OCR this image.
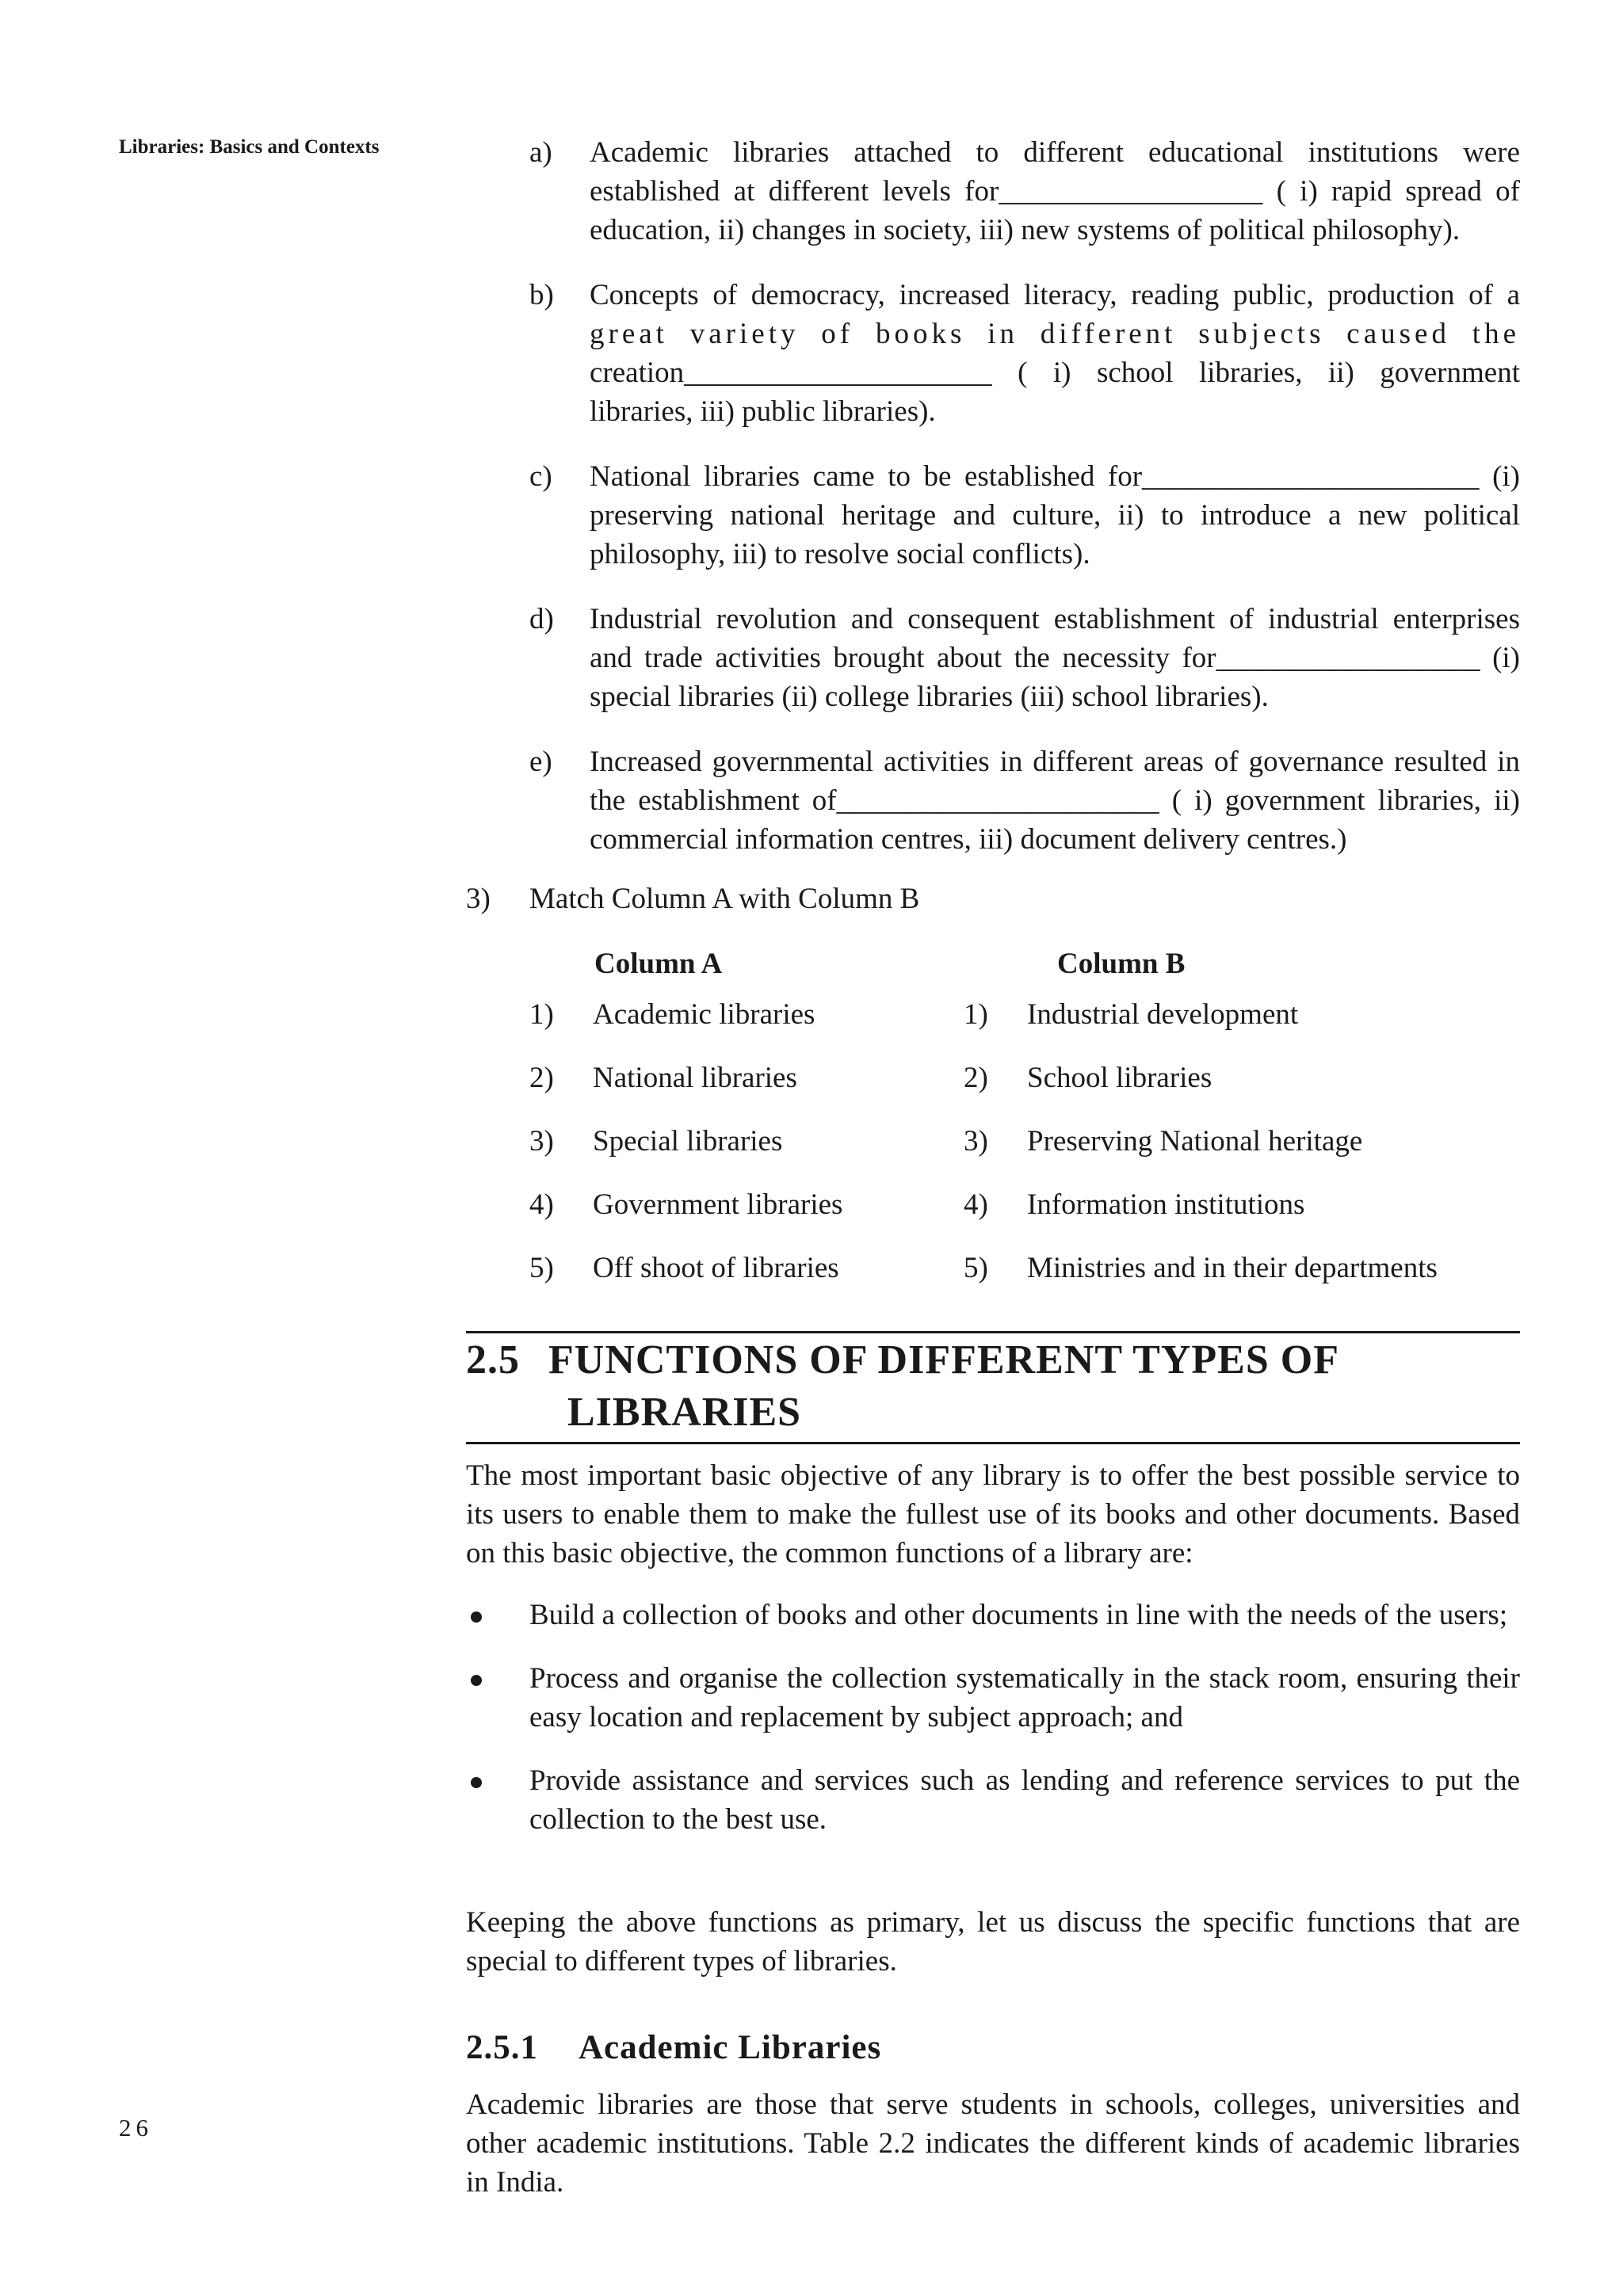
Libraries: Basics and Contexts	a) Academic libraries attached to different educational institutions were established at different levels for__________________ ( i) rapid spread of education, ii) changes in society, iii) new systems of political philosophy).
b) Concepts of democracy, increased literacy, reading public, production of a great variety of books in different subjects caused the creation_____________________ ( i) school libraries, ii) government libraries, iii) public libraries).
c) National libraries came to be established for_______________________ (i) preserving national heritage and culture, ii) to introduce a new political philosophy, iii) to resolve social conflicts).
d) Industrial revolution and consequent establishment of industrial enterprises and trade activities brought about the necessity for__________________ (i) special libraries (ii) college libraries (iii) school libraries).
e) Increased governmental activities in different areas of governance resulted in the establishment of______________________ ( i) government libraries, ii) commercial information centres, iii) document delivery centres.)
3) Match Column A with Column B
Column A	Column B
1) Academic libraries	1) Industrial development
2) National libraries	2) School libraries
3) Special libraries	3) Preserving National heritage
4) Government libraries	4) Information institutions
5) Off shoot of libraries	5) Ministries and in their departments
2.5 FUNCTIONS OF DIFFERENT TYPES OF
LIBRARIES
The most important basic objective of any library is to offer the best possible service to its users to enable them to make the fullest use of its books and other documents. Based on this basic objective, the common functions of a library are:
Build a collection of books and other documents in line with the needs of the users;
Process and organise the collection systematically in the stack room, ensuring their easy location and replacement by subject approach; and
Provide assistance and services such as lending and reference services to put the collection to the best use.
Keeping the above functions as primary, let us discuss the specific functions that are special to different types of libraries.
2.5.1 Academic Libraries
Academic libraries are those that serve students in schools, colleges, universities and other academic institutions. Table 2.2 indicates the different kinds of academic libraries in India.
26
